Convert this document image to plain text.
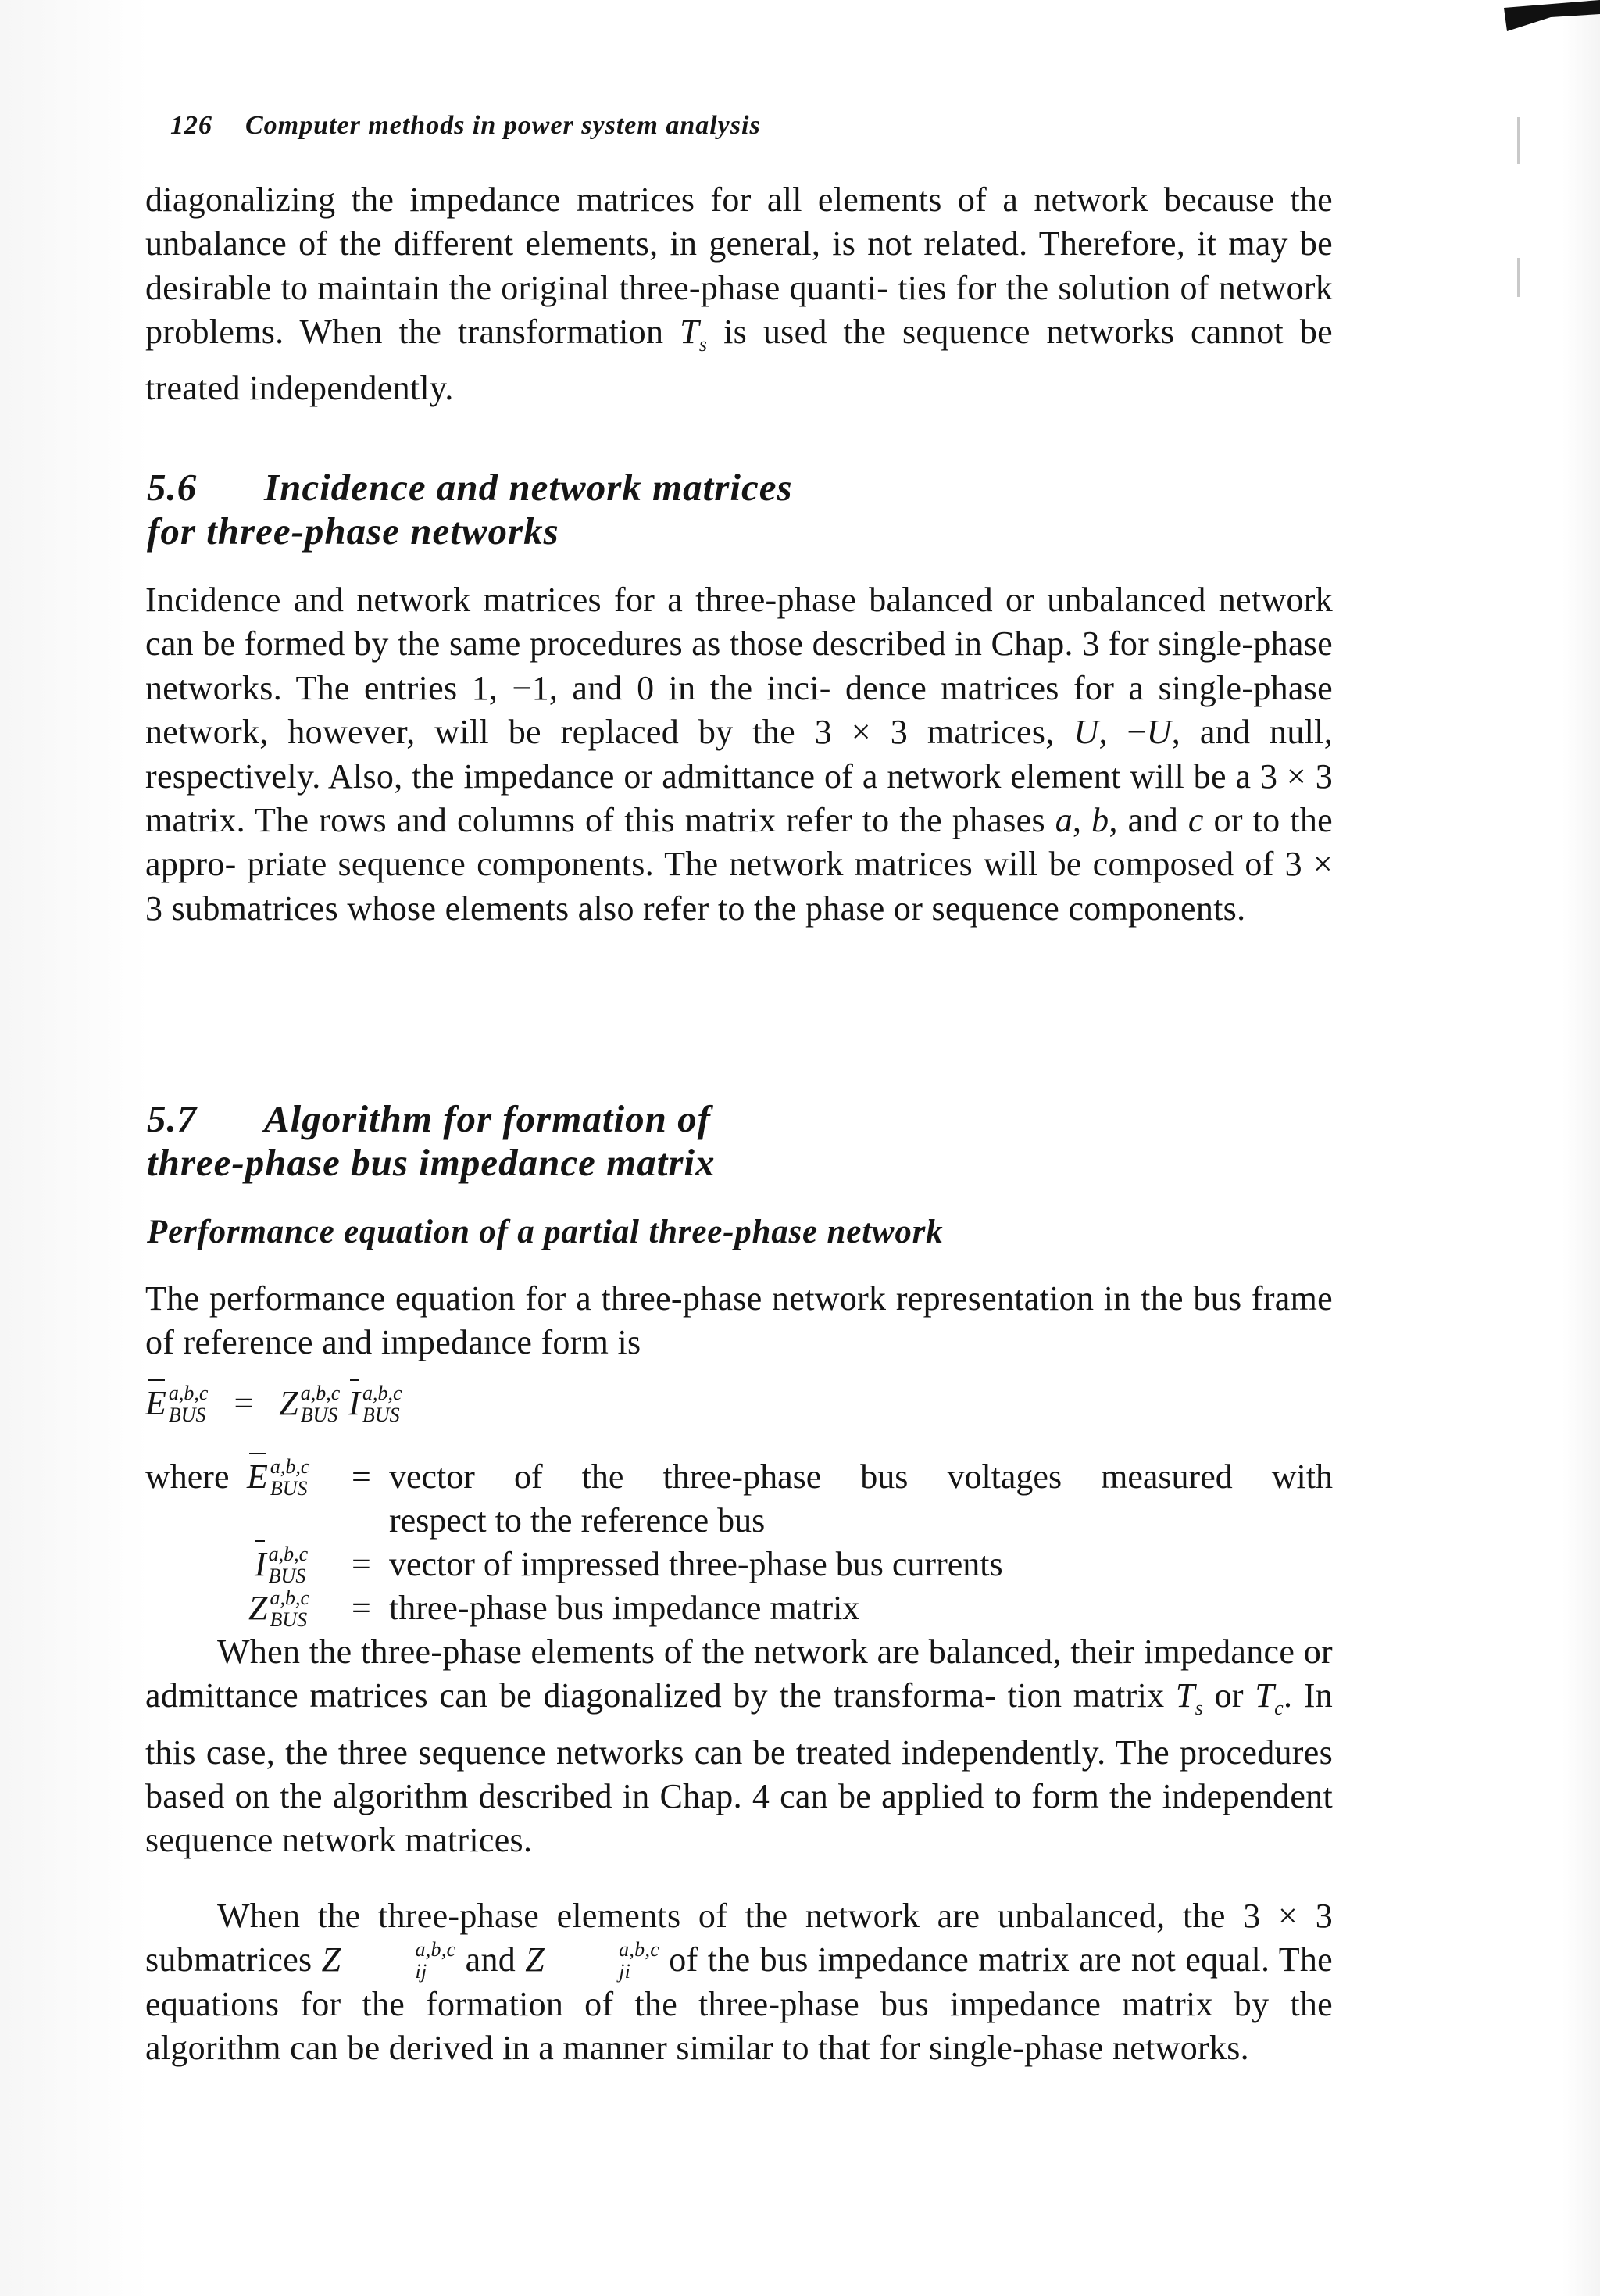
126 Computer methods in power system analysis

diagonalizing the impedance matrices for all elements of a network because the unbalance of the different elements, in general, is not related. Therefore, it may be desirable to maintain the original three-phase quanti- ties for the solution of network problems. When the transformation $T_s$ is used the sequence networks cannot be treated independently.

5.6 Incidence and network matrices
for three-phase networks

Incidence and network matrices for a three-phase balanced or unbalanced network can be formed by the same procedures as those described in Chap. 3 for single-phase networks. The entries 1, −1, and 0 in the inci- dence matrices for a single-phase network, however, will be replaced by the 3 × 3 matrices, U, −U, and null, respectively. Also, the impedance or admittance of a network element will be a 3 × 3 matrix. The rows and columns of this matrix refer to the phases a, b, and c or to the appro- priate sequence components. The network matrices will be composed of 3 × 3 submatrices whose elements also refer to the phase or sequence components.

5.7 Algorithm for formation of
three-phase bus impedance matrix
Performance equation of a partial three-phase network

The performance equation for a three-phase network representation in the bus frame of reference and impedance form is

E a,b,c
BUS = Z a,b,c
BUS
I a,b,c
BUS
where E a,b,c
BUS = vector of the three-phase bus voltages measured with
respect to the reference bus
I a,b,c
BUS = vector of impressed three-phase bus currents
Z a,b,c
BUS = three-phase bus impedance matrix

When the three-phase elements of the network are balanced, their impedance or admittance matrices can be diagonalized by the transforma- tion matrix $T_s$ or $T_c$. In this case, the three sequence networks can be treated independently. The procedures based on the algorithm described in Chap. 4 can be applied to form the independent sequence network matrices.

When the three-phase elements of the network are unbalanced, the 3 × 3 submatrices Z	a,b,c
ij and Z	a,b,c
ji of the bus impedance matrix are not equal. The equations for the formation of the three-phase bus impedance matrix by the algorithm can be derived in a manner similar to that for single-phase networks.
